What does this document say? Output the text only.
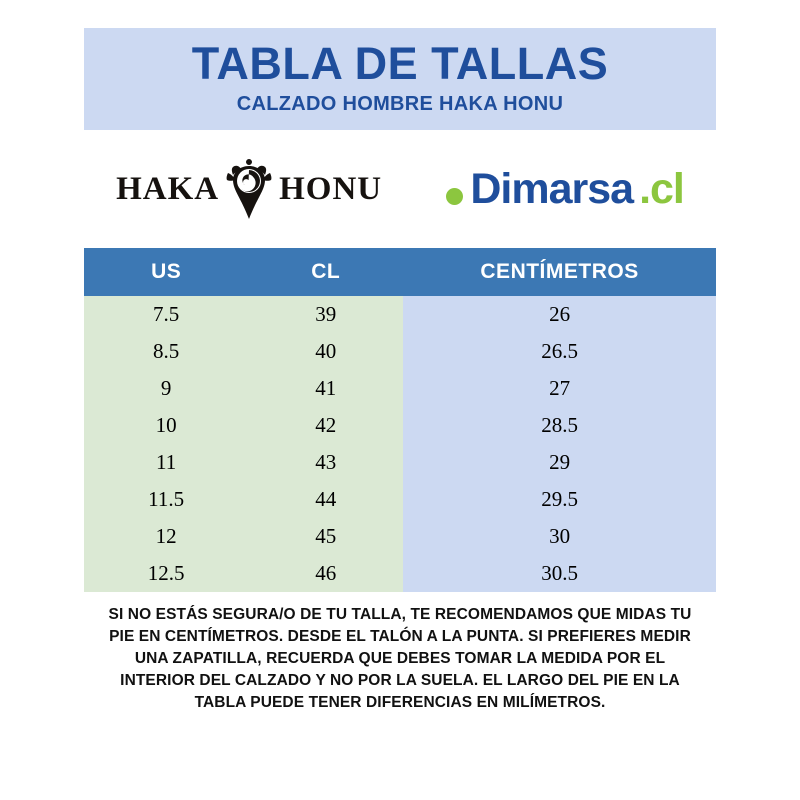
TABLA DE TALLAS
CALZADO HOMBRE HAKA HONU
HAKA HONU Dimarsa .cl
US	CL	CENTÍMETROS
7.5	39	26
8.5	40	26.5
9	41	27
10	42	28.5
11	43	29
11.5	44	29.5
12	45	30
12.5	46	30.5
SI NO ESTÁS SEGURA/O DE TU TALLA, TE RECOMENDAMOS QUE MIDAS TU PIE EN CENTÍMETROS. DESDE EL TALÓN A LA PUNTA. SI PREFIERES MEDIR UNA ZAPATILLA, RECUERDA QUE DEBES TOMAR LA MEDIDA POR EL INTERIOR DEL CALZADO Y NO POR LA SUELA. EL LARGO DEL PIE EN LA TABLA PUEDE TENER DIFERENCIAS EN MILÍMETROS.
